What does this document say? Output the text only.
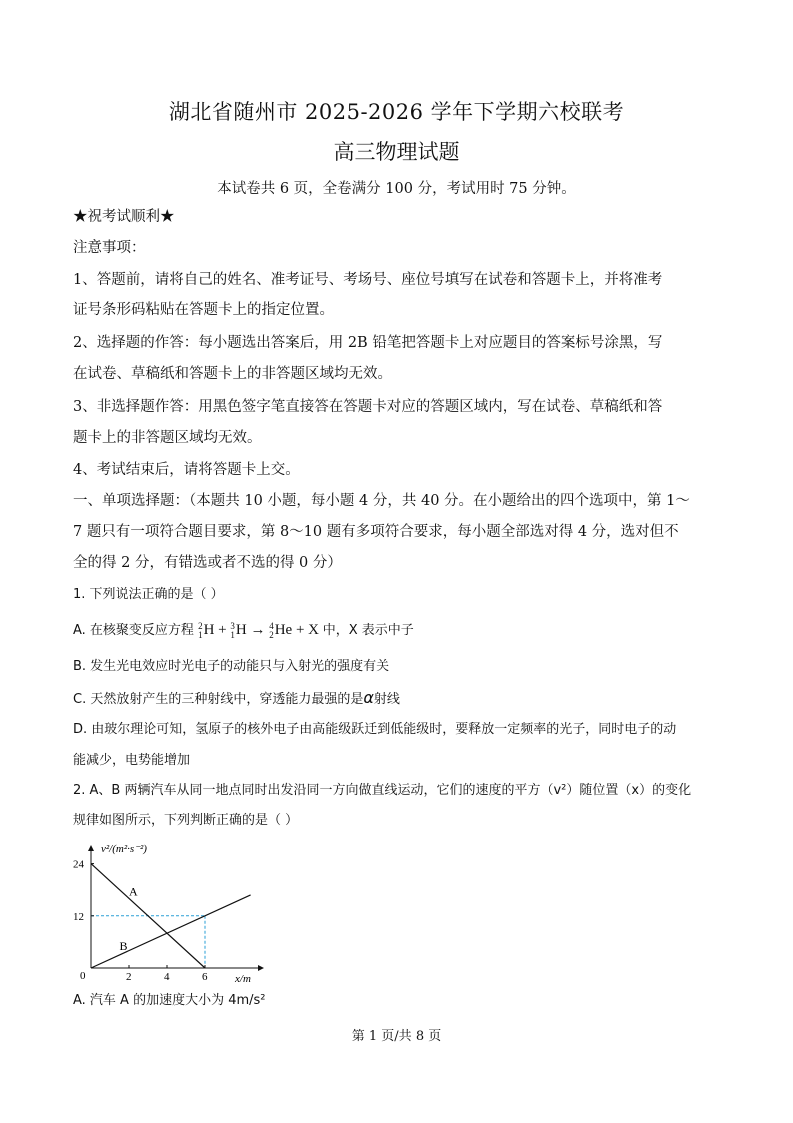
湖北省随州市 2025-2026 学年下学期六校联考
高三物理试题
本试卷共 6 页，全卷满分 100 分，考试用时 75 分钟。
★祝考试顺利★
注意事项：
1、答题前，请将自己的姓名、准考证号、考场号、座位号填写在试卷和答题卡上，并将准考
证号条形码粘贴在答题卡上的指定位置。
2、选择题的作答：每小题选出答案后，用 2B 铅笔把答题卡上对应题目的答案标号涂黑，写
在试卷、草稿纸和答题卡上的非答题区域均无效。
3、非选择题作答：用黑色签字笔直接答在答题卡对应的答题区域内，写在试卷、草稿纸和答
题卡上的非答题区域均无效。
4、考试结束后，请将答题卡上交。
一、单项选择题：（本题共 10 小题，每小题 4 分，共 40 分。在小题给出的四个选项中，第 1～
7 题只有一项符合题目要求，第 8～10 题有多项符合要求，每小题全部选对得 4 分，选对但不
全的得 2 分，有错选或者不选的得 0 分）
1. 下列说法正确的是（ ）
A. 在核聚变反应方程 2
1H + 3
1H → 4
2He + X 中，X 表示中子
B. 发生光电效应时光电子的动能只与入射光的强度有关
C. 天然放射产生的三种射线中，穿透能力最强的是α射线
D. 由玻尔理论可知，氢原子的核外电子由高能级跃迁到低能级时，要释放一定频率的光子，同时电子的动
能减少，电势能增加
2. A、B 两辆汽车从同一地点同时出发沿同一方向做直线运动，它们的速度的平方（v²）随位置（x）的变化
规律如图所示，下列判断正确的是（ ）
v²/(m²·s⁻²)
x/m
0	2	4	6
12
24
A
B
A. 汽车 A 的加速度大小为 4m/s²
第 1 页/共 8 页
